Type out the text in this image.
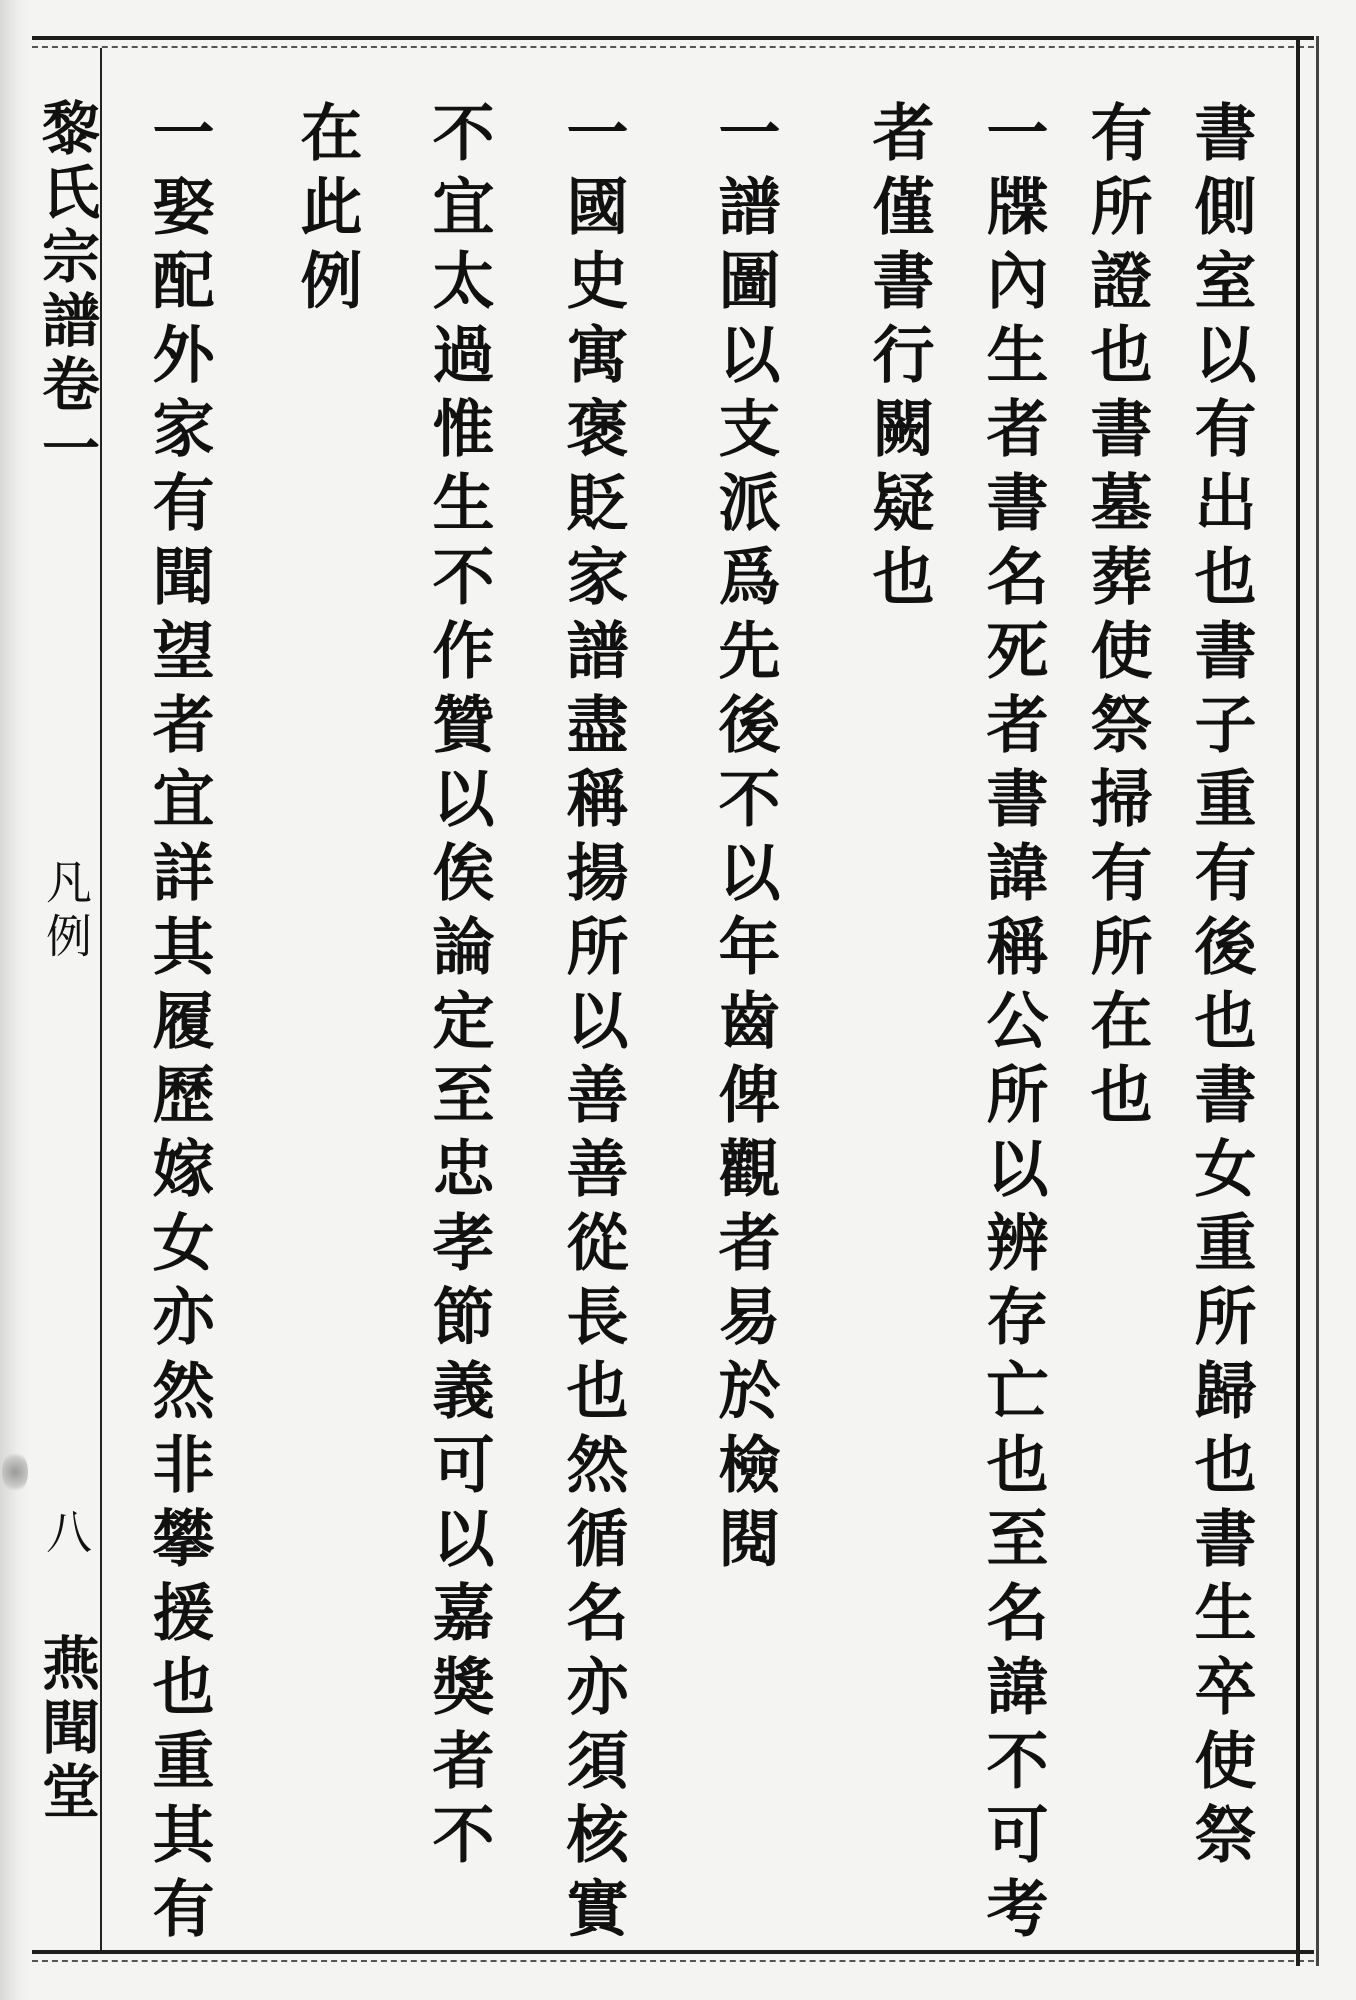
黎氏宗譜卷一
凡例
八
燕聞堂	書側室以有出也書子重有後也書女重所歸也書生卒使祭
有所證也書墓葬使祭掃有所在也
一牒內生者書名死者書諱稱公所以辨存亡也至名諱不可考
者僅書行闕疑也
一譜圖以支派爲先後不以年齒俾觀者易於檢閱
一國史寓褒貶家譜盡稱揚所以善善從長也然循名亦須核實
不宜太過惟生不作贊以俟論定至忠孝節義可以嘉獎者不
在此例
一娶配外家有聞望者宜詳其履歷嫁女亦然非攀援也重其有
